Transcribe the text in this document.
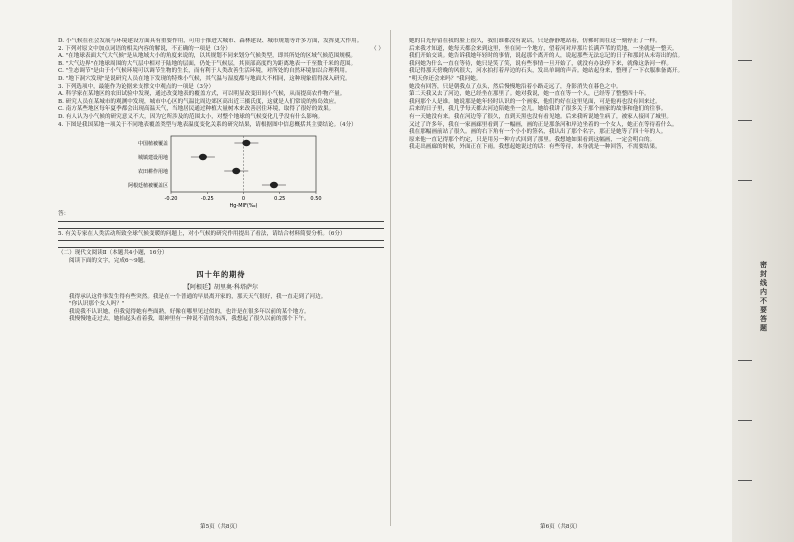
D. 小气候在社会发展与环境建设方面具有重要作用，可用于推进大城市、森林建设、城市规划等许多方面，发挥更大作用。

2. 下列对原文中加点词语的相关内容的解说，不正确的一项是（3分）	（ ）

A. "在地球表面大气大气候"是从地域大小的角度来说的，以其规划不同来划分气候类型，即其所处的区域气候范围规模。

B. "大气边界"在地球周围的大气层中相对于陆地的层面，仍处于气候层，其顶部高度约为距离地表一千至数千米的范围。

C. "生态调节"是由于小气候环境可以调节生物的生长，而有利于人类改善生活环境，对所处的自然环境加以合理利用。

D. "地下洞穴发现"是说研究人员在地下发现的特殊小气候，其气温与湿度都与地面大不相同，这种现象值得深入研究。

3. 下列选项中，最能作为论据来支撑文中观点的一项是（3分）

A. 科学家在某地区的农田试验中发现，通过改变地表的覆盖方式，可以明显改变田间小气候，从而提高农作物产量。

B. 研究人员在某城市的观测中发现，城市中心区的气温比周边郊区高出近三摄氏度，这就是人们常说的热岛效应。

C. 南方某些地区每年夏季都会出现高温天气，当地居民通过种植大量树木来改善居住环境，取得了很好的效果。

D. 有人认为小气候的研究意义不大，因为它所涉及的范围太小，对整个地球的气候变化几乎没有什么影响。

4. 下图是我国某地一项关于不同地表覆盖类型与地表温度变化关系的研究结果，请根据图中信息概括其主要结论。（4分）

中国植被覆盖
城镇建设用地
农田耕作用地
阿根廷植被覆盖区
-0.20	-0.25	0	0.25	0.50
Hg-MIF(‰)

答：

5. 有关专家在人类活动所致全球气候变暖的问题上，对小气候的研究作用提出了看法，请结合材料简要分析。（6分）

（二）现代文阅读Ⅱ（本题共4小题，16分）

阅读下面的文字，完成6～9题。

四十年的期待
【阿根廷】胡里奥·科塔萨尔

我得承认这件事发生得有些突然。我是在一个普通的早晨离开家的，那天天气很好，我一直走到了河边。

"你认识那个女人吗？"

我说我不认识她，但我觉得她有些面熟，好像在哪里见过似的，也许是在很多年以前的某个地方。

我慢慢地走过去，她抬起头看着我，眼神里有一种说不清的东西，我想起了很久以前的那个下午。

第5页（共8页）

她的目光停留在我的脸上很久，我们谁都没有说话，只是静静地站着，仿佛时间在这一刻停止了一样。

后来我才知道，她每天都会来到这里，坐在同一个地方，望着河对岸那片长满芦苇的荒地，一坐就是一整天。

我们开始交谈。她告诉我她年轻时的事情，说起那个离开的人，说起那些无法忘记的日子和那封从未寄出的信。

我问她为什么一直在等待，她只是笑了笑，说有些事情一旦开始了，就没有办法停下来，就像这条河一样。

我记得那天傍晚的风很大，河水拍打着岸边的石头，发出单调的声音。她站起身来，整理了一下衣服准备离开。

"明天你还会来吗？"我问她。

她没有回答，只是朝我点了点头，然后慢慢地沿着小路走远了，身影消失在暮色之中。

第二天我又去了河边，她已经坐在那里了。她对我说，她一直在等一个人，已经等了整整四十年。

我问那个人是谁。她说那是她年轻时认识的一个画家，他们约好在这里见面，可是他再也没有回来过。

后来的日子里，我几乎每天都去河边陪她坐一会儿。她给我讲了很多关于那个画家的故事和他们的往事。

有一天她没有来。我在河边等了很久，直到天黑也没有看见她。后来我听说她生病了，被家人接回了城里。

又过了许多年，我在一家画廊里看到了一幅画，画的正是那条河和岸边坐着的一个女人，她正在等待着什么。

我在那幅画前站了很久。画的右下角有一个小小的签名，我认出了那个名字，那正是她等了四十年的人。

原来他一直记得那个约定，只是用另一种方式回到了那里。我想她如果看到这幅画，一定会明白的。

我走出画廊的时候，外面正在下雨。我想起她说过的话：有些等待，本身就是一种回答，不需要结果。

第6页（共8页）
密封线内不要答题
